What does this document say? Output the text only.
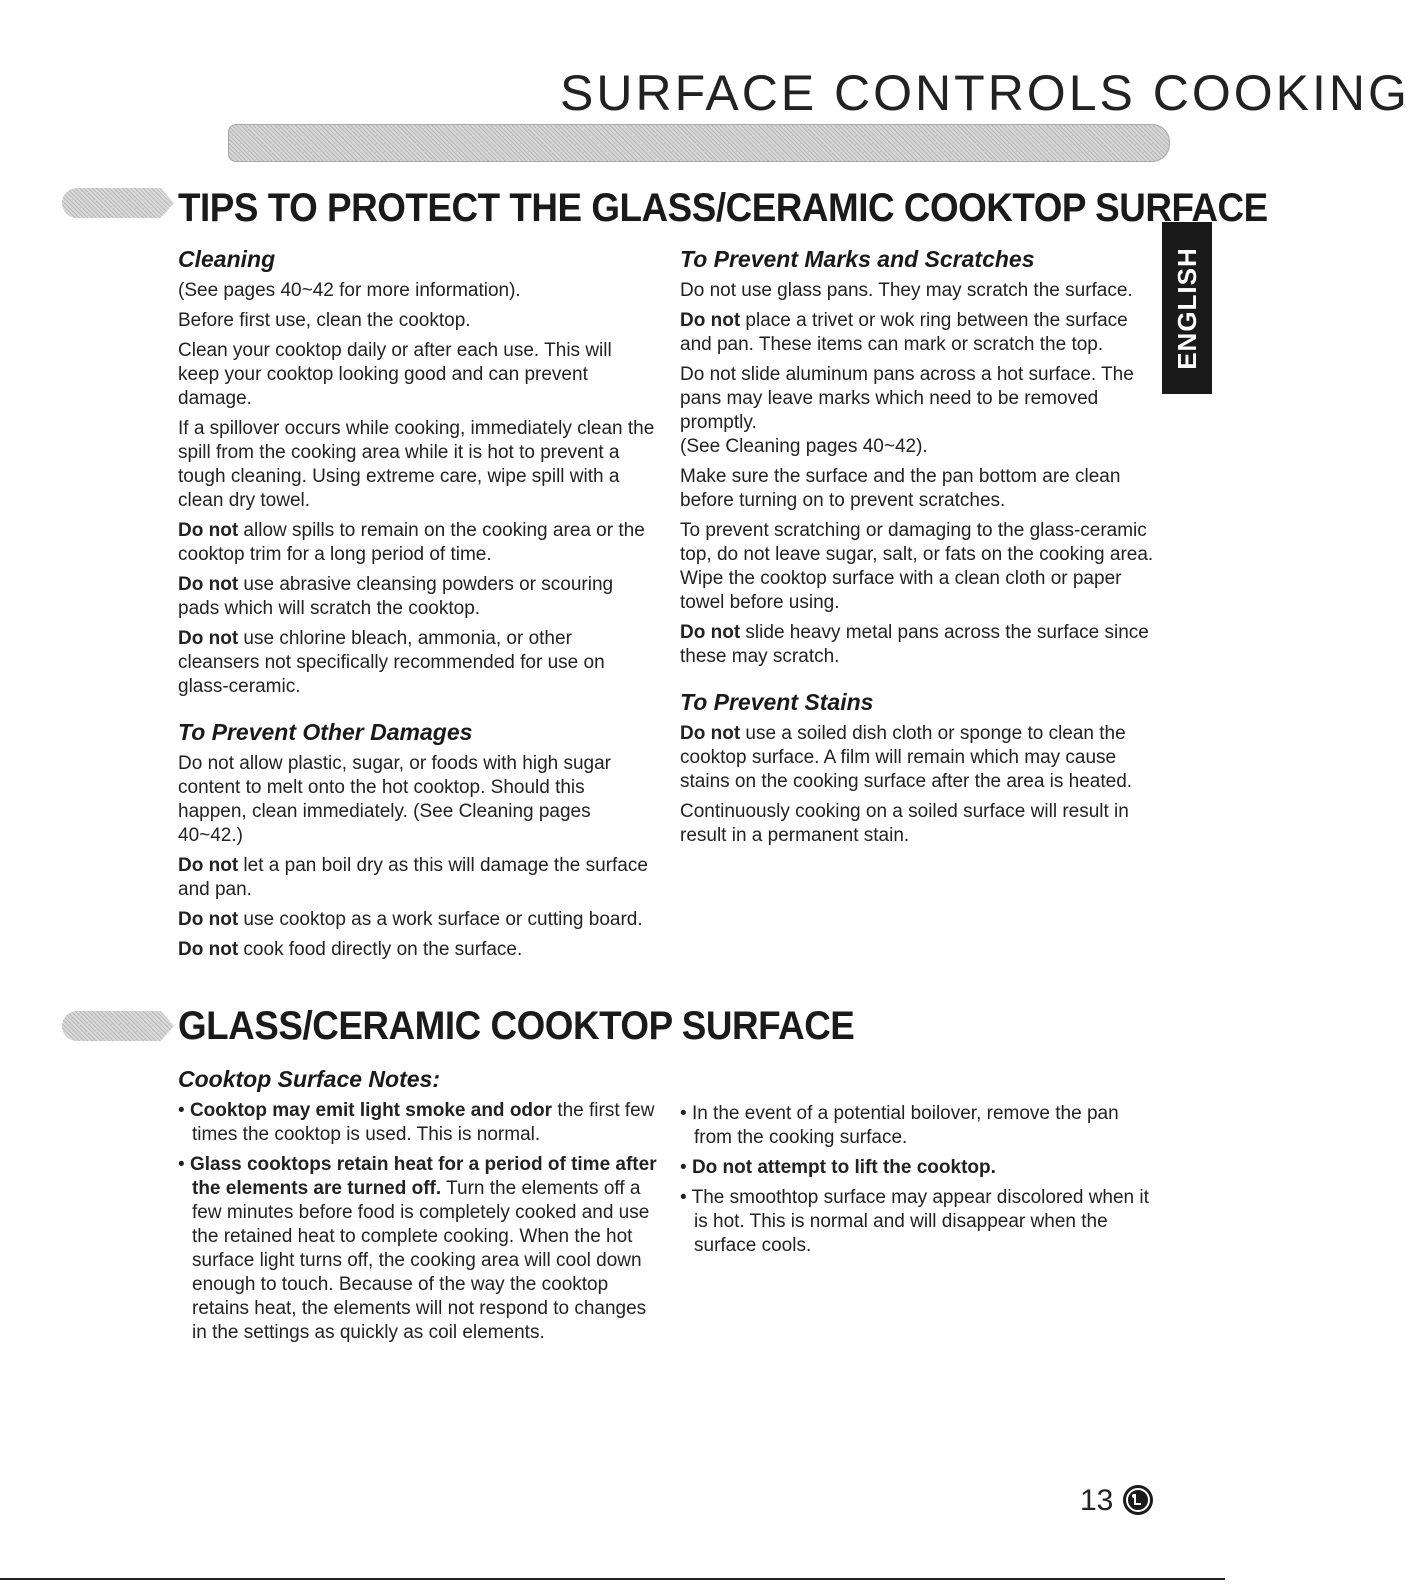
SURFACE CONTROLS COOKING
ENGLISH
TIPS TO PROTECT THE GLASS/CERAMIC COOKTOP SURFACE
Cleaning

(See pages 40~42 for more information).

Before first use, clean the cooktop.

Clean your cooktop daily or after each use. This will keep your cooktop looking good and can prevent damage.

If a spillover occurs while cooking, immediately clean the spill from the cooking area while it is hot to prevent a tough cleaning. Using extreme care, wipe spill with a clean dry towel.

Do not allow spills to remain on the cooking area or the cooktop trim for a long period of time.

Do not use abrasive cleansing powders or scouring pads which will scratch the cooktop.

Do not use chlorine bleach, ammonia, or other cleansers not specifically recommended for use on glass-ceramic.

To Prevent Other Damages

Do not allow plastic, sugar, or foods with high sugar content to melt onto the hot cooktop. Should this happen, clean immediately. (See Cleaning pages 40~42.)

Do not let a pan boil dry as this will damage the surface and pan.

Do not use cooktop as a work surface or cutting board.

Do not cook food directly on the surface.

To Prevent Marks and Scratches

Do not use glass pans. They may scratch the surface.

Do not place a trivet or wok ring between the surface and pan. These items can mark or scratch the top.

Do not slide aluminum pans across a hot surface. The pans may leave marks which need to be removed promptly.

(See Cleaning pages 40~42).

Make sure the surface and the pan bottom are clean before turning on to prevent scratches.

To prevent scratching or damaging to the glass-ceramic top, do not leave sugar, salt, or fats on the cooking area. Wipe the cooktop surface with a clean cloth or paper towel before using.

Do not slide heavy metal pans across the surface since these may scratch.

To Prevent Stains

Do not use a soiled dish cloth or sponge to clean the cooktop surface. A film will remain which may cause stains on the cooking surface after the area is heated.

Continuously cooking on a soiled surface will result in result in a permanent stain.

GLASS/CERAMIC COOKTOP SURFACE
Cooktop Surface Notes:

• Cooktop may emit light smoke and odor the first few times the cooktop is used. This is normal.

• Glass cooktops retain heat for a period of time after the elements are turned off. Turn the elements off a few minutes before food is completely cooked and use the retained heat to complete cooking. When the hot surface light turns off, the cooking area will cool down enough to touch. Because of the way the cooktop retains heat, the elements will not respond to changes in the settings as quickly as coil elements.

• In the event of a potential boilover, remove the pan from the cooking surface.

• Do not attempt to lift the cooktop.

• The smoothtop surface may appear discolored when it is hot. This is normal and will disappear when the surface cools.

13
